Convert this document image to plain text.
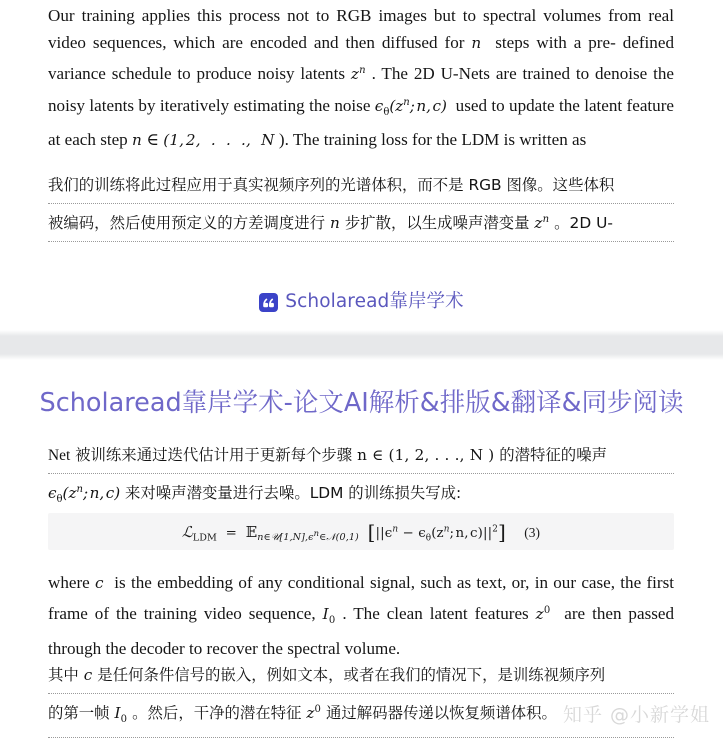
Our training applies this process not to RGB images but to spectral volumes from real video sequences, which are encoded and then diffused for n  steps with a pre- defined variance schedule to produce noisy latents $z^n$ . The 2D U-Nets are trained to denoise the noisy latents by iteratively estimating the noise $\epsilon_\theta(z^n$; n, c)  used to update the latent feature at each step n ∈ (1, 2,  .  .  .,  N ). The training loss for the LDM is written as
我们的训练将此过程应用于真实视频序列的光谱体积，而不是 RGB 图像。这些体积
被编码，然后使用预定义的方差调度进行 n 步扩散，以生成噪声潜变量 $z^n$ 。2D U-
Scholaread靠岸学术
Scholaread靠岸学术-论文AI解析&排版&翻译&同步阅读
Net 被训练来通过迭代估计用于更新每个步骤 n ∈ (1, 2, . . ., N ) 的潜特征的噪声
$\epsilon_\theta(z^n$; n, c) 来对噪声潜变量进行去噪。LDM 的训练损失写成:
ℒ$_{LDM}$  =  𝔼$_{n\in 𝒰[1,N],\epsilon n\in 𝒩(0,1)}$ [$||\epsilon^n - \epsilon_\theta(z^n$; n, $c)||^2$] (3)
where c  is the embedding of any conditional signal, such as text, or, in our case, the first frame of the training video sequence, $I_0$ . The clean latent features $z^0$  are then passed through the decoder to recover the spectral volume.
其中 c 是任何条件信号的嵌入，例如文本，或者在我们的情况下，是训练视频序列
的第一帧 $I_0$ 。然后，干净的潜在特征 $z^0$ 通过解码器传递以恢复频谱体积。 知乎 @小新学姐
